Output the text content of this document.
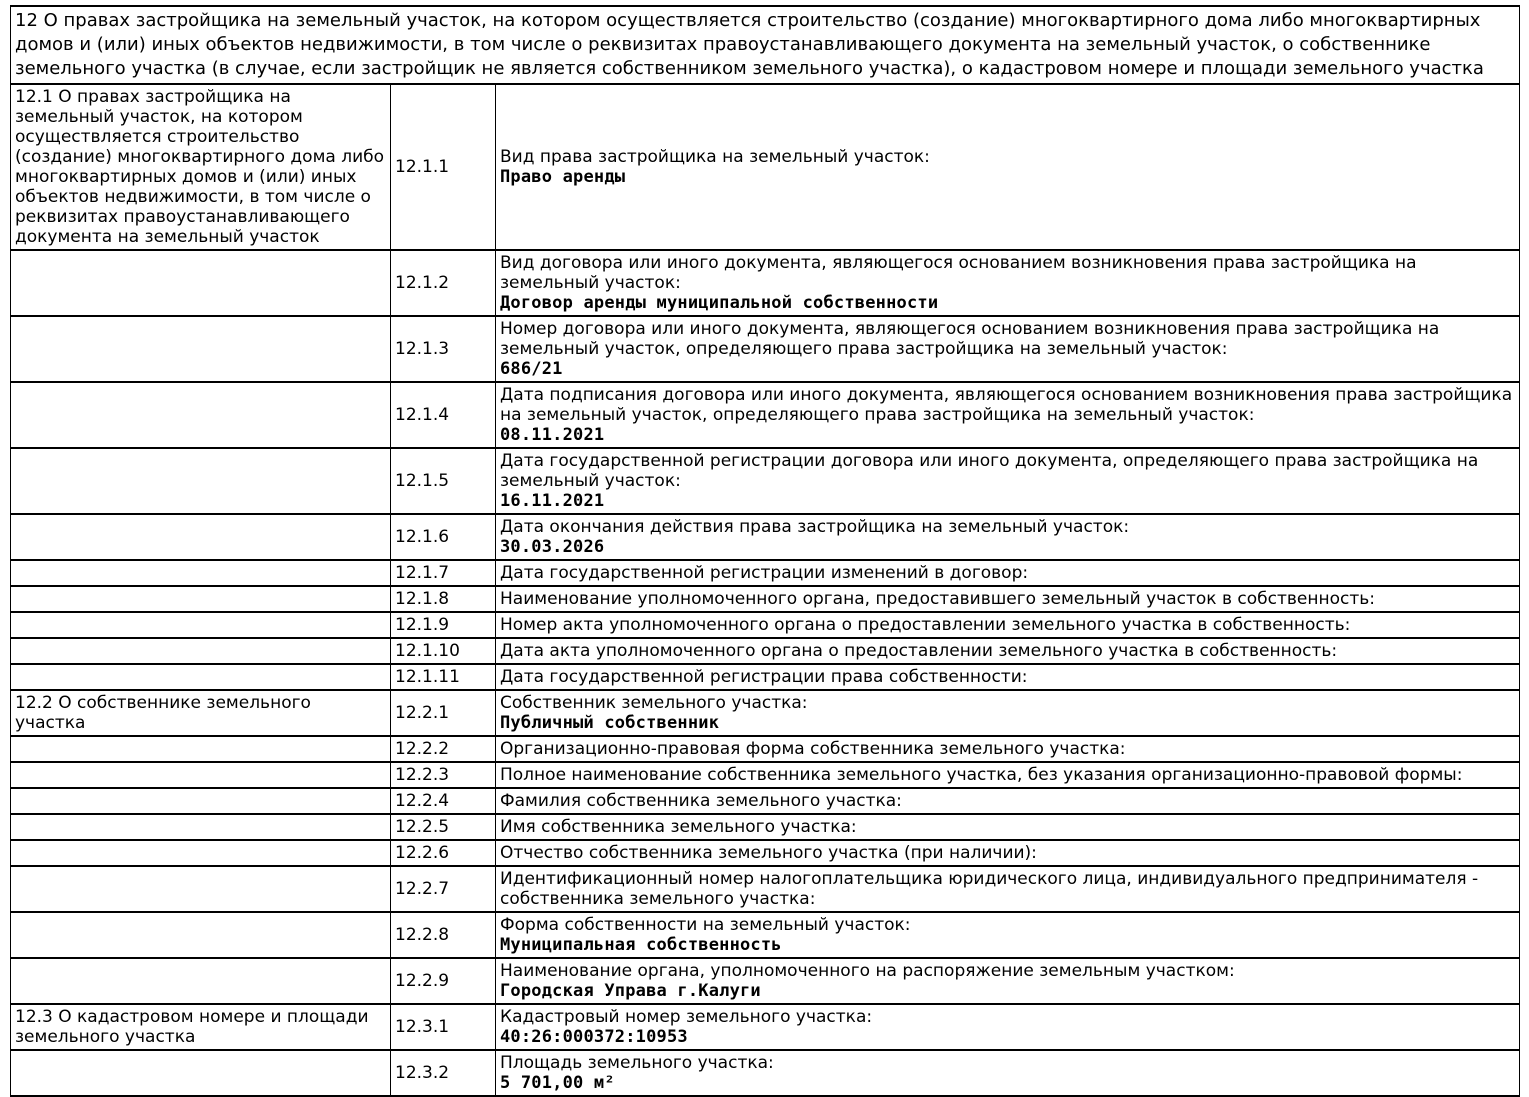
12 О правах застройщика на земельный участок, на котором осуществляется строительство (создание) многоквартирного дома либо многоквартирных домов и (или) иных объектов недвижимости, в том числе о реквизитах правоустанавливающего документа на земельный участок, о собственнике земельного участка (в случае, если застройщик не является собственником земельного участка), о кадастровом номере и площади земельного участка		
12.1 О правах застройщика на земельный участок, на котором осуществляется строительство (создание) многоквартирного дома либо многоквартирных домов и (или) иных объектов недвижимости, в том числе о реквизитах правоустанавливающего документа на земельный участок	12.1.1	Вид права застройщика на земельный участок:
Право аренды

	12.1.2	Вид договора или иного документа, являющегося основанием возникновения права застройщика на земельный участок:
Договор аренды муниципальной собственности

	12.1.3	Номер договора или иного документа, являющегося основанием возникновения права застройщика на земельный участок, определяющего права застройщика на земельный участок:
686/21

	12.1.4	Дата подписания договора или иного документа, являющегося основанием возникновения права застройщика на земельный участок, определяющего права застройщика на земельный участок:
08.11.2021

	12.1.5	Дата государственной регистрации договора или иного документа, определяющего права застройщика на земельный участок:
16.11.2021

	12.1.6	Дата окончания действия права застройщика на земельный участок:
30.03.2026

	12.1.7	Дата государственной регистрации изменений в договор:

	12.1.8	Наименование уполномоченного органа, предоставившего земельный участок в собственность:

	12.1.9	Номер акта уполномоченного органа о предоставлении земельного участка в собственность:

	12.1.10	Дата акта уполномоченного органа о предоставлении земельного участка в собственность:

	12.1.11	Дата государственной регистрации права собственности:

12.2 О собственнике земельного участка	12.2.1	Собственник земельного участка:
Публичный собственник

	12.2.2	Организационно-правовая форма собственника земельного участка:

	12.2.3	Полное наименование собственника земельного участка, без указания организационно-правовой формы:

	12.2.4	Фамилия собственника земельного участка:

	12.2.5	Имя собственника земельного участка:

	12.2.6	Отчество собственника земельного участка (при наличии):

	12.2.7	Идентификационный номер налогоплательщика юридического лица, индивидуального предпринимателя - собственника земельного участка:

	12.2.8	Форма собственности на земельный участок:
Муниципальная собственность

	12.2.9	Наименование органа, уполномоченного на распоряжение земельным участком:
Городская Управа г.Калуги

12.3 О кадастровом номере и площади земельного участка	12.3.1	Кадастровый номер земельного участка:
40:26:000372:10953

	12.3.2	Площадь земельного участка:
5 701,00 м²
